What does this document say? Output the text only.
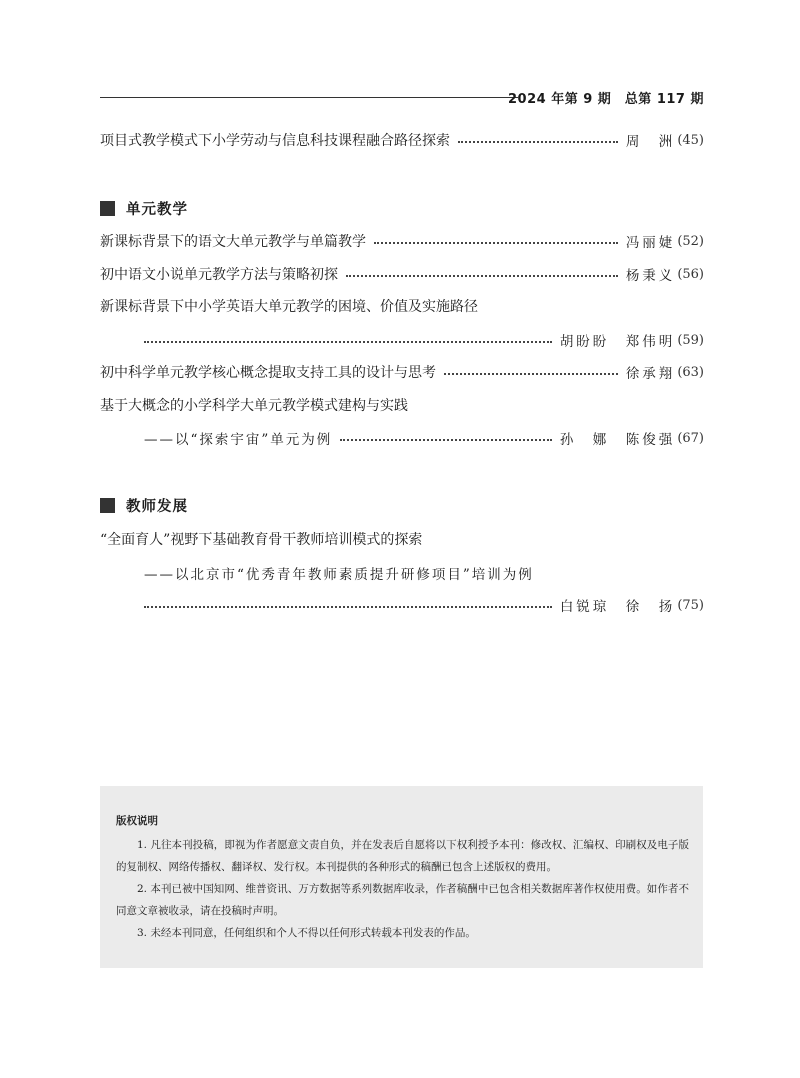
2024 年第 9 期　总第 117 期
项目式教学模式下小学劳动与信息科技课程融合路径探索	周　洲 (45)
单元教学
新课标背景下的语文大单元教学与单篇教学	冯丽婕 (52)
初中语文小说单元教学方法与策略初探	杨秉义 (56)
新课标背景下中小学英语大单元教学的困境、价值及实施路径
胡盼盼　郑伟明 (59)
初中科学单元教学核心概念提取支持工具的设计与思考	徐承翔 (63)
基于大概念的小学科学大单元教学模式建构与实践
——以“探索宇宙”单元为例	孙　娜　陈俊强 (67)
教师发展
“全面育人”视野下基础教育骨干教师培训模式的探索
——以北京市“优秀青年教师素质提升研修项目”培训为例
白锐琼　徐　扬 (75)
版权说明

1. 凡往本刊投稿，即视为作者愿意文责自负，并在发表后自愿将以下权利授予本刊：修改权、汇编权、印刷权及电子版的复制权、网络传播权、翻译权、发行权。本刊提供的各种形式的稿酬已包含上述版权的费用。

2. 本刊已被中国知网、维普资讯、万方数据等系列数据库收录，作者稿酬中已包含相关数据库著作权使用费。如作者不同意文章被收录，请在投稿时声明。

3. 未经本刊同意，任何组织和个人不得以任何形式转载本刊发表的作品。
